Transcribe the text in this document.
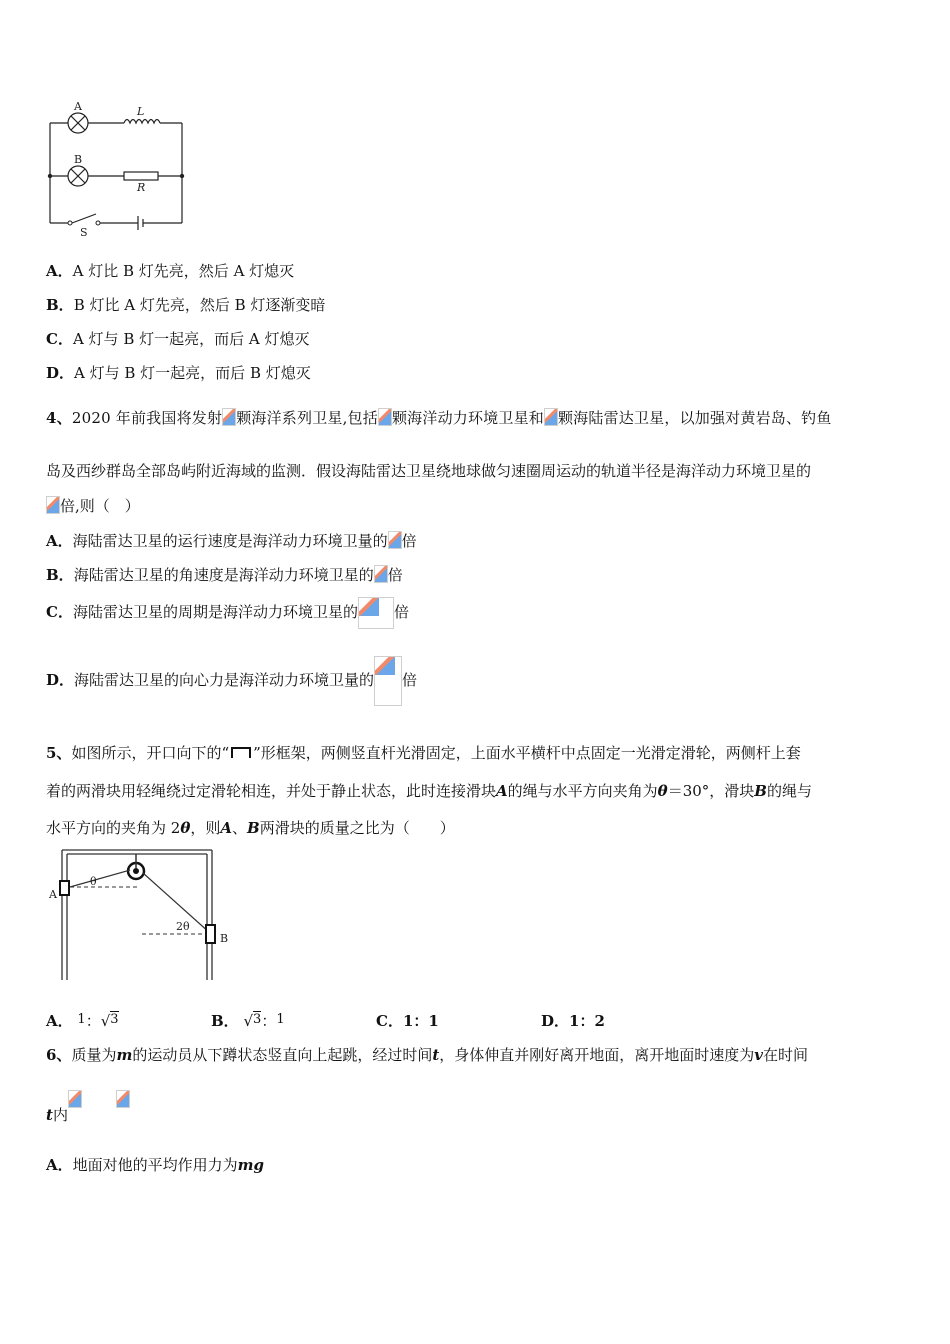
A	L
B
R
S
A．A 灯比 B 灯先亮，然后 A 灯熄灭
B．B 灯比 A 灯先亮，然后 B 灯逐渐变暗
C．A 灯与 B 灯一起亮，而后 A 灯熄灭
D．A 灯与 B 灯一起亮，而后 B 灯熄灭
4、2020 年前我国将发射 颗海洋系列卫星,包括 颗海洋动力环境卫星和 颗海陆雷达卫星，以加强对黄岩岛、钓鱼
岛及西纱群岛全部岛屿附近海域的监测．假设海陆雷达卫星绕地球做匀速圈周运动的轨道半径是海洋动力环境卫星的
倍,则（　）
A．海陆雷达卫星的运行速度是海洋动力环境卫量的 倍
B．海陆雷达卫星的角速度是海洋动力环境卫星的 倍
C．海陆雷达卫星的周期是海洋动力环境卫星的 倍
D．海陆雷达卫星的向心力是海洋动力环境卫量的 倍
5、如图所示，开口向下的“ ”形框架，两侧竖直杆光滑固定，上面水平横杆中点固定一光滑定滑轮，两侧杆上套
着的两滑块用轻绳绕过定滑轮相连，并处于静止状态，此时连接滑块A的绳与水平方向夹角为θ＝30°，滑块B的绳与
水平方向的夹角为 2θ，则A、B两滑块的质量之比为（　　）
A
B
θ
2θ
A． 1：√3	B． √3：1	C．1：1	D．1：2
6、质量为m的运动员从下蹲状态竖直向上起跳，经过时间t，身体伸直并刚好离开地面，离开地面时速度为v在时间
t内
A．地面对他的平均作用力为mg
